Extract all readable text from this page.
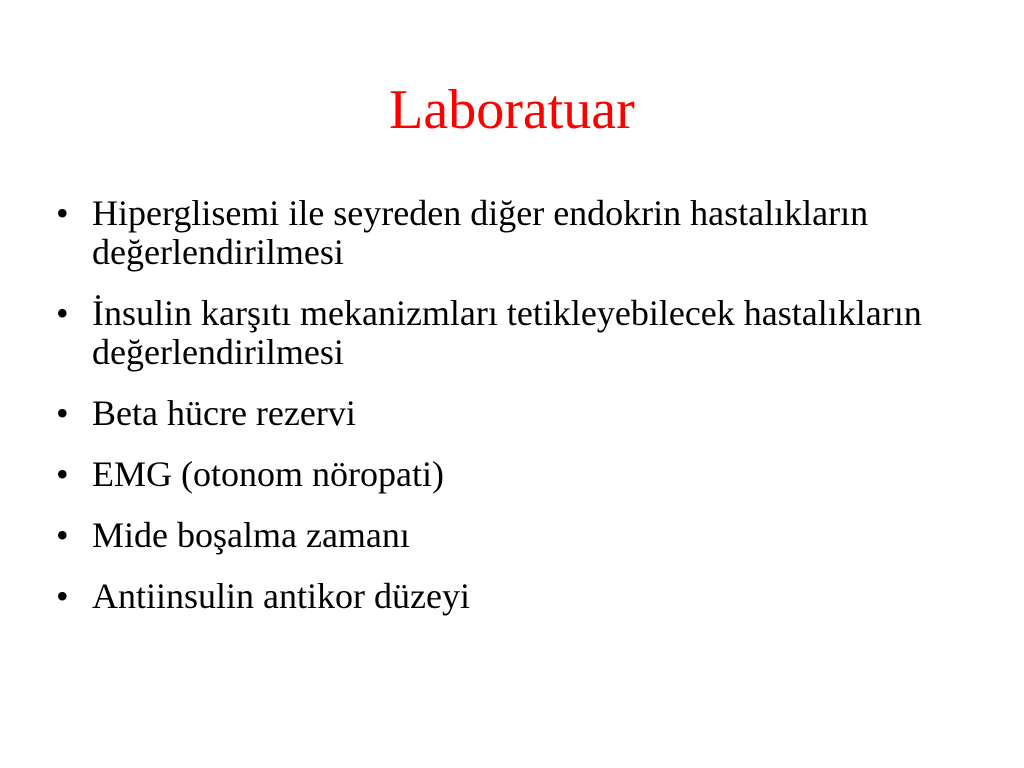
Laboratuar
• Hiperglisemi ile seyreden diğer endokrin hastalıkların değerlendirilmesi
• İnsulin karşıtı mekanizmları tetikleyebilecek hastalıkların değerlendirilmesi
• Beta hücre rezervi
• EMG (otonom nöropati)
• Mide boşalma zamanı
• Antiinsulin antikor düzeyi
